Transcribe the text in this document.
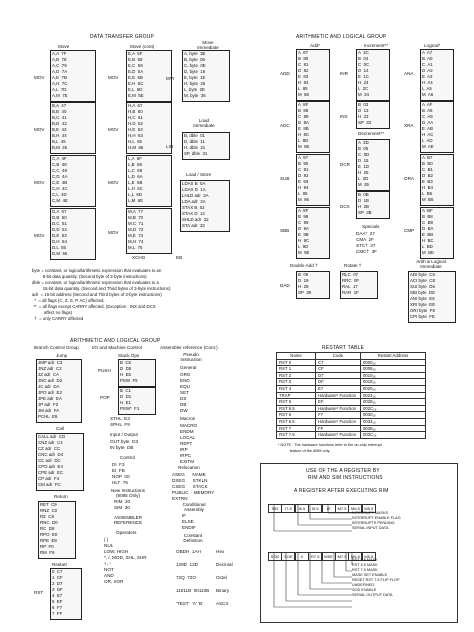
DATA TRANSFER GROUP
Move	Move (cont)
Move Immediate
MOV
A,A  7F
A,B  78
A,C  79
A,D  7A
A,E  7B
A,H  7C
A,L  7D
A,M  7E
MOV
B,A  47
B,B  40
B,C  41
B,D  42
B,E  43
B,H  44
B,L  45
B,M  46
MOV
C,A  4F
C,B  48
C,C  49
C,D  4A
C,E  4B
C,H  4C
C,L  4D
C,M  4E
MOV
D,A  57
D,B  50
D,C  51
D,D  52
D,E  53
D,H  54
D,L  55
D,M  56
MOV
E,A  5F
E,B  58
E,C  59
E,D  5A
E,E  5B
E,H  5C
E,L  5D
E,M  5E
MOV
H,A  67
H,B  60
H,C  61
H,D  62
H,E  63
H,H  64
H,L  65
H,M  66
MOV
L,A  6F
L,B  68
L,C  69
L,D  6A
L,E  6B
L,H  6C
L,L  6D
L,M  6E
MOV
M,A  77
M,B  70
M,C  71
M,D  72
M,E  73
M,H  74
M,L  75
MVI
A, byte  3E
B, byte  06
C, byte  0E
D, byte  16
E, byte  1E
H, byte  26
L, byte  2E
M, byte  36
Load Immediate
LXI
B, dble  01
D, dble  11
H, dble  21
SP, dble  31
Load / Store
LDAX B  0A
LDAX D  1A
LHLD adr  2A
LDA adr  3A
STAX B  02
STAX D  12
SHLD adr  22
STA adr  32
XCHG	EB
byte = constant, or logical/arithmetic expression that evaluates to an
8-bit data quantity. (Second byte of 2-byte instructions)
dble = constant, or logical/arithmetic expression that evaluates to a
16-bit data quantity. (Second and Third bytes of 3-byte instructions)
adr  = 16-bit address (Second and Third bytes of 3-byte instructions)
*  = all flags (C, Z, S, P, AC) affected.
**  = all flags except CARRY affected. (Exception : INX and DCX
affect no flags)
†  = only CARRY affected
ARITHMETIC AND LOGICAL GROUP
Add*	Increment**	Logical*
ADD
A  87
B  80
C  81
D  82
E  83
H  84
L  85
M  86
ADC
A  8F
B  88
C  89
D  8A
E  8B
H  8C
L  8D
M  8E
SUB
A  97
B  90
C  91
D  92
E  93
H  94
L  95
M  96
SBB
A  9F
B  98
C  99
D  9A
E  9B
H  9C
L  9D
M  9E
INR
A  3C
B  04
C  0C
D  14
E  1C
H  24
L  2C
M  34
INX
B  03
D  13
H  23
SP  33
Decrement**
DCR
A  3D
B  05
C  0D
D  15
E  1D
H  25
L  2D
M  35
DCX
B  0B
D  1B
H  2B
SP  3B
Specials
DAA*  27
CMA  2F
STC†  37
CMC†  3F
ANA
A  A7
B  A0
C  A1
D  A2
E  A3
H  A4
L  A5
M  A6
XRA
A  AF
B  A8
C  A9
D  AA
E  AB
H  AC
L  AD
M  AE
ORA
A  B7
B  B0
C  B1
D  B2
E  B3
H  B4
L  B5
M  B6
CMP
A  BF
B  B8
C  B9
D  BA
E  BB
H  BC
L  BD
M  BE
Double Add †
DAD
B  09
D  19
H  29
SP  39
Rotate †
RLC  07
RRC  0F
RAL  17
RAR  1F
Arith & Logical Immediate
ADI byte  C6
ACI byte  CE
SUI byte  D6
SBI byte  DE
ANI byte  E6
XRI byte  EE
ORI byte  F6
CPI byte  FE
ARITHMETIC AND LOGICAL GROUP
Branch Control Group	I/O and Machine Control	Assembler reference (Cont.)
Jump
JMP adr  C3
JNZ adr  C2
JZ adr  CA
JNC adr  D2
JC adr  DA
JPO adr  E2
JPE adr  EA
JP adr  F2
JM adr  FA
PCHL  E9
Call
CALL adr  CD
CNZ adr  C4
CZ adr  CC
CNC adr  D4
CC adr  DC
CPO adr  E4
CPE adr  EC
CP adr  F4
CM adr  FC
Return
RET  C9
RNZ  C0
RZ  C8
RNC  D0
RC  D8
RPO  E0
RPE  E8
RP  F0
RM  F8
Restart
RST
0  C7
1  CF
2  D7
3  DF
4  E7
5  EF
6  F7
7  FF
Stack Ops
PUSH
B  C5
D  D5
H  E5
PSW  F5
POP
B  C1
D  D1
H  E1
PSW*  F1
XTHL  E3
SPHL  F9
Input / Output
OUT byte  D3
IN byte  DB
Control
DI  F3
EI  FB
NOP  00
HLT  76
New Instructions (8085 Only)
RIM  20
SIM  30
ASSEMBLER REFERENCE
Operators
( )
NUL
LOW, HIGH
*, /, MOD, SHL, SHR
+, -
NOT
AND
OR, XOR
Pseudo Instruction
General
ORG
END
EQU
SET
DS
DB
DW
Macros
MACRO
ENDM
LOCAL
REPT
IRP
IRPC
EXITM
Relocation
ASEG      NAME
DSEG      STKLN
CSEG      STACK
PUBLIC    MEMORY
EXTRN
Conditional Assembly
IF
ELSE
ENDIF
Constant Definition
OBDH  1AH
129D  12D
72Q  72O
11011B  00110B
'TEST'  'A' 'B'
Hex
Decimal
Octal
Binary
ASCII
RESTART TABLE
Name	Code	Restart Address
RST 0	C7	0000₁₆
RST 1	CF	0008₁₆
RST 2	D7	0010₁₆
RST 3	DF	0018₁₆
RST 4	E7	0020₁₆
TRAP	Hardware* Function	0024₁₆
RST 5	EF	0028₁₆
RST 5.5	Hardware* Function	002C₁₆
RST 6	F7	0030₁₆
RST 6.5	Hardware* Function	0034₁₆
RST 7	FF	0038₁₆
RST 7.5	Hardware* Function	003C₁₆
* NOTE : The hardware functions refer to the on-chip interrupt
feature of the 8085 only.
USE OF THE A REGISTER BY
RIM AND SIM INSTRUCTIONS
A REGISTER AFTER EXECUTING RIM
SID I7.5 I6.5 I5.5 IE M7.5 M6.5 M5.5
INTERRUPT MASKS
INTERRUPT ENABLE FLAG
INTERRUPTS PENDING
SERIAL INPUT DATA
SOD SOE X R7.5 MSE M7.5 M6.5 M5.5
RST 5.5 MASK
RST 6.5 MASK
RST 7.5 MASK
MASK SET ENABLE
RESET RST 7.5 FLIP FLOP
UNDEFINED
SOD ENABLE
SERIAL OUTPUT DATA
